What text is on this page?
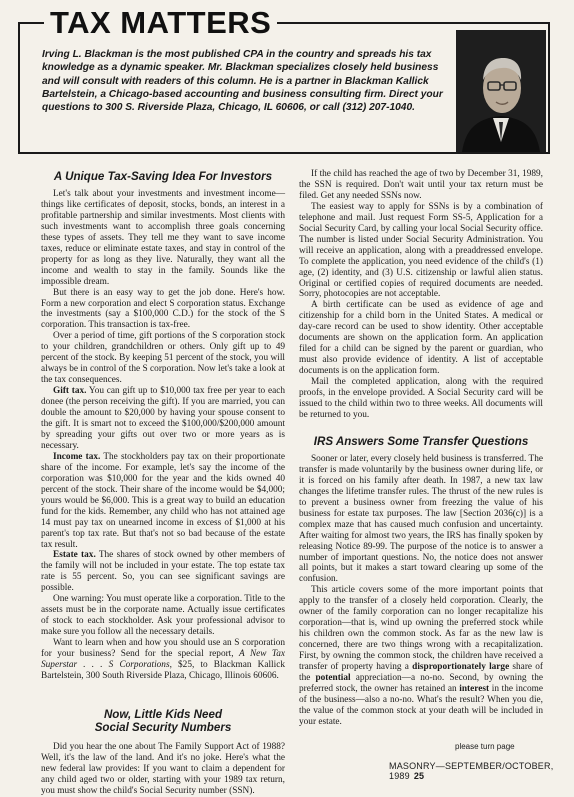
TAX MATTERS
Irving L. Blackman is the most published CPA in the country and spreads his tax knowledge as a dynamic speaker. Mr. Blackman specializes closely held business and will consult with readers of this column. He is a partner in Blackman Kallick Bartelstein, a Chicago-based accounting and business consulting firm. Direct your questions to 300 S. Riverside Plaza, Chicago, IL 60606, or call (312) 207-1040.
A Unique Tax-Saving Idea For Investors

Let's talk about your investments and investment income—things like certificates of deposit, stocks, bonds, an interest in a profitable partnership and similar investments. Most clients with such investments want to accomplish three goals concerning these types of assets. They tell me they want to save income taxes, reduce or eliminate estate taxes, and stay in control of the property for as long as they live. Naturally, they want all the income and wealth to stay in the family. Sounds like the impossible dream.

But there is an easy way to get the job done. Here's how. Form a new corporation and elect S corporation status. Exchange the investments (say a $100,000 C.D.) for the stock of the S corporation. This transaction is tax-free.

Over a period of time, gift portions of the S corporation stock to your children, grandchildren or others. Only gift up to 49 percent of the stock. By keeping 51 percent of the stock, you will always be in control of the S corporation. Now let's take a look at the tax consequences.

Gift tax. You can gift up to $10,000 tax free per year to each donee (the person receiving the gift). If you are married, you can double the amount to $20,000 by having your spouse consent to the gift. It is smart not to exceed the $100,000/$200,000 amount by spreading your gifts out over two or more years as is necessary.

Income tax. The stockholders pay tax on their proportionate share of the income. For example, let's say the income of the corporation was $10,000 for the year and the kids owned 40 percent of the stock. Their share of the income would be $4,000; yours would be $6,000. This is a great way to build an education fund for the kids. Remember, any child who has not attained age 14 must pay tax on unearned income in excess of $1,000 at his parent's top tax rate. But that's not so bad because of the estate tax result.

Estate tax. The shares of stock owned by other members of the family will not be included in your estate. The top estate tax rate is 55 percent. So, you can see significant savings are possible.

One warning: You must operate like a corporation. Title to the assets must be in the corporate name. Actually issue certificates of stock to each stockholder. Ask your professional advisor to make sure you follow all the necessary details.

Want to learn when and how you should use an S corporation for your business? Send for the special report, A New Tax Superstar . . . S Corporations, $25, to Blackman Kallick Bartelstein, 300 South Riverside Plaza, Chicago, Illinois 60606.

Now, Little Kids Need
Social Security Numbers

Did you hear the one about The Family Support Act of 1988? Well, it's the law of the land. And it's no joke. Here's what the new federal law provides: If you want to claim a dependent for any child aged two or older, starting with your 1989 tax return, you must show the child's Social Security number (SSN).

If the child has reached the age of two by December 31, 1989, the SSN is required. Don't wait until your tax return must be filed. Get any needed SSNs now.

The easiest way to apply for SSNs is by a combination of telephone and mail. Just request Form SS-5, Application for a Social Security Card, by calling your local Social Security office. The number is listed under Social Security Administration. You will receive an application, along with a preaddressed envelope. To complete the application, you need evidence of the child's (1) age, (2) identity, and (3) U.S. citizenship or lawful alien status. Original or certified copies of required documents are needed. Sorry, photocopies are not acceptable.

A birth certificate can be used as evidence of age and citizenship for a child born in the United States. A medical or day-care record can be used to show identity. Other acceptable documents are shown on the application form. An application filed for a child can be signed by the parent or guardian, who must also provide evidence of identity. A list of acceptable documents is on the application form.

Mail the completed application, along with the required proofs, in the envelope provided. A Social Security card will be issued to the child within two to three weeks. All documents will be returned to you.

IRS Answers Some Transfer Questions

Sooner or later, every closely held business is transferred. The transfer is made voluntarily by the business owner during life, or it is forced on his family after death. In 1987, a new tax law changes the lifetime transfer rules. The thrust of the new rules is to prevent a business owner from freezing the value of his business for estate tax purposes. The law [Section 2036(c)] is a complex maze that has caused much confusion and uncertainty. After waiting for almost two years, the IRS has finally spoken by releasing Notice 89-99. The purpose of the notice is to answer a number of important questions. No, the notice does not answer all points, but it makes a start toward clearing up some of the confusion.

This article covers some of the more important points that apply to the transfer of a closely held corporation. Clearly, the owner of the family corporation can no longer recapitalize his corporation—that is, wind up owning the preferred stock while his children own the common stock. As far as the new law is concerned, there are two things wrong with a recapitalization. First, by owning the common stock, the children have received a transfer of property having a disproportionately large share of the potential appreciation—a no-no. Second, by owning the preferred stock, the owner has retained an interest in the income of the business—also a no-no. What's the result? When you die, the value of the common stock at your death will be included in your estate.

please turn page
MASONRY—SEPTEMBER/OCTOBER, 1989 25
